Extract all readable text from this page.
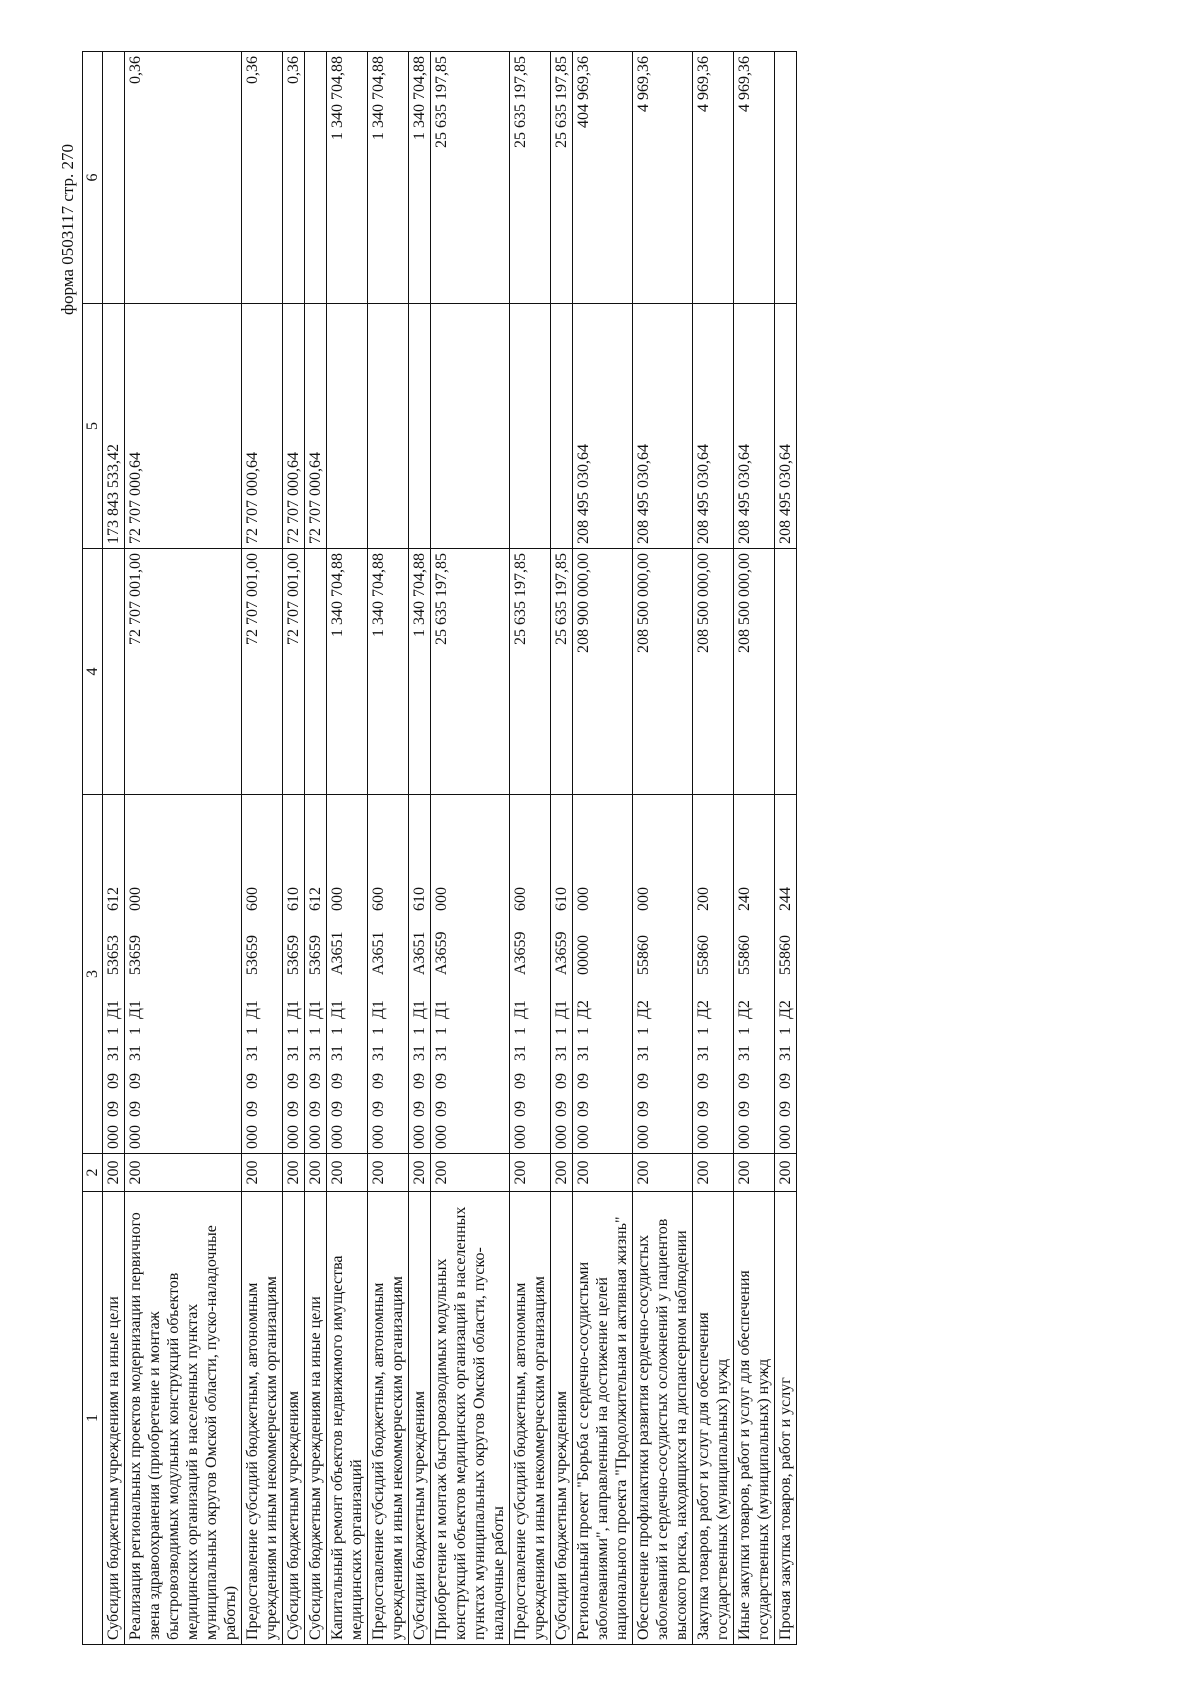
форма 0503117 стр. 270
1	2	3	4	5	6
Субсидии бюджетным учреждениям на иные цели	200	0000909311Д153653612		173 843 533,42	
Реализация региональных проектов модернизации первичного звена здравоохранения (приобретение и монтаж быстровозводимых модульных конструкций объектов медицинских организаций в населенных пунктах муниципальных округов Омской области, пуско-наладочные работы)	200	0000909311Д153659000	72 707 001,00	72 707 000,64	0,36
Предоставление субсидий бюджетным, автономным учреждениям и иным некоммерческим организациям	200	0000909311Д153659600	72 707 001,00	72 707 000,64	0,36
Субсидии бюджетным учреждениям	200	0000909311Д153659610	72 707 001,00	72 707 000,64	0,36
Субсидии бюджетным учреждениям на иные цели	200	0000909311Д153659612		72 707 000,64	
Капитальный ремонт объектов недвижимого имущества медицинских организаций	200	0000909311Д1А3651000	1 340 704,88		1 340 704,88
Предоставление субсидий бюджетным, автономным учреждениям и иным некоммерческим организациям	200	0000909311Д1А3651600	1 340 704,88		1 340 704,88
Субсидии бюджетным учреждениям	200	0000909311Д1А3651610	1 340 704,88		1 340 704,88
Приобретение и монтаж быстровозводимых модульных конструкций объектов медицинских организаций в населенных пунктах муниципальных округов Омской области, пуско-наладочные работы	200	0000909311Д1А3659000	25 635 197,85		25 635 197,85
Предоставление субсидий бюджетным, автономным учреждениям и иным некоммерческим организациям	200	0000909311Д1А3659600	25 635 197,85		25 635 197,85
Субсидии бюджетным учреждениям	200	0000909311Д1А3659610	25 635 197,85		25 635 197,85
Региональный проект "Борьба с сердечно-сосудистыми заболеваниями", направленный на достижение целей национального проекта "Продолжительная и активная жизнь"	200	0000909311Д200000000	208 900 000,00	208 495 030,64	404 969,36
Обеспечение профилактики развития сердечно-сосудистых заболеваний и сердечно-сосудистых осложнений у пациентов высокого риска, находящихся на диспансерном наблюдении	200	0000909311Д255860000	208 500 000,00	208 495 030,64	4 969,36
Закупка товаров, работ и услуг для обеспечения государственных (муниципальных) нужд	200	0000909311Д255860200	208 500 000,00	208 495 030,64	4 969,36
Иные закупки товаров, работ и услуг для обеспечения государственных (муниципальных) нужд	200	0000909311Д255860240	208 500 000,00	208 495 030,64	4 969,36
Прочая закупка товаров, работ и услуг	200	0000909311Д255860244		208 495 030,64	
